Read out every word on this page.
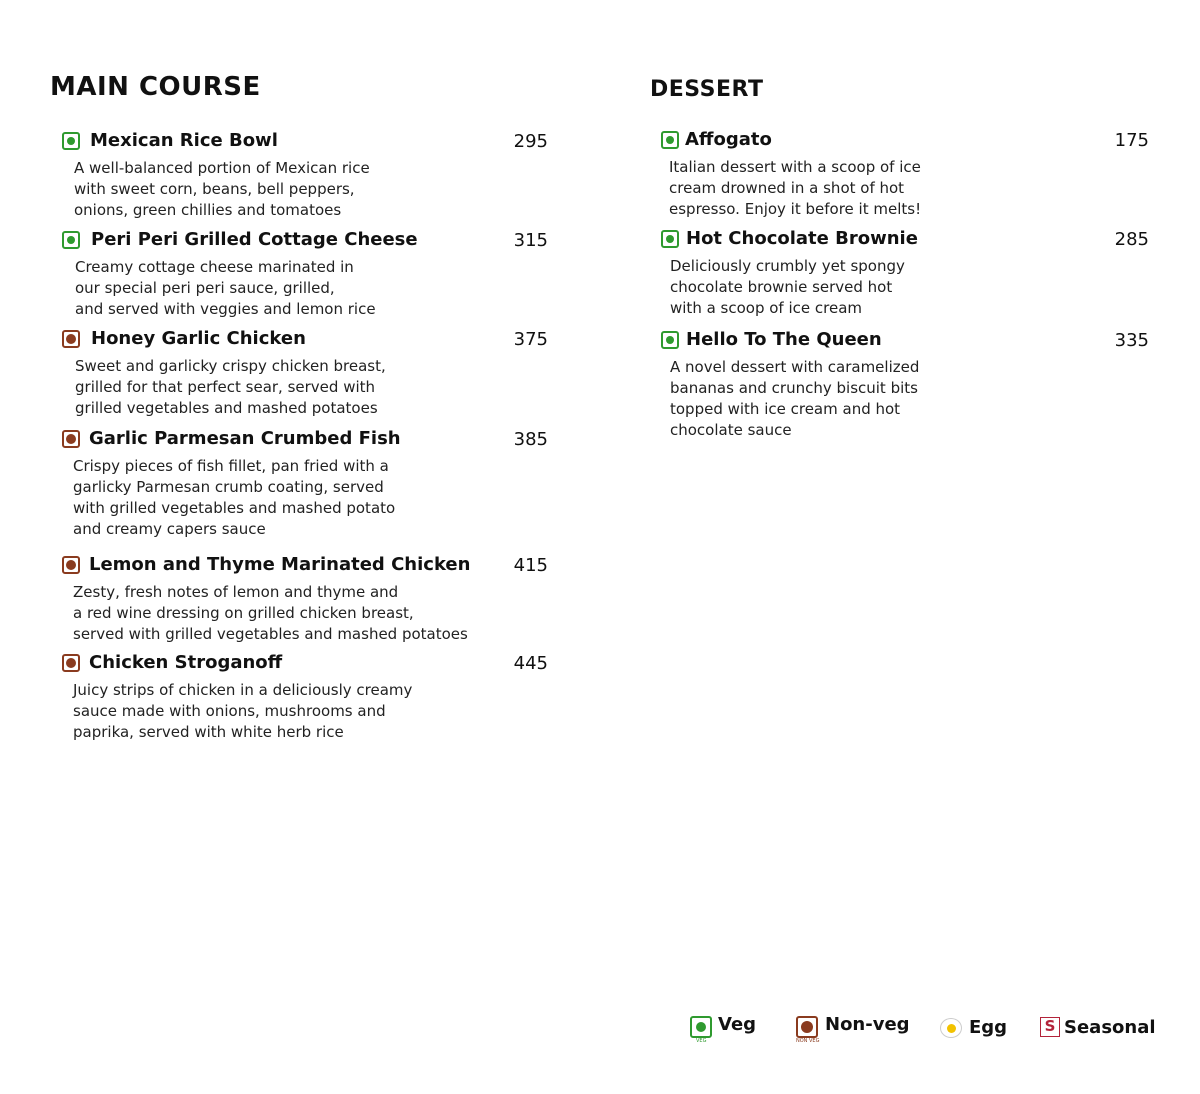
MAIN COURSE
Mexican Rice Bowl	295

A well-balanced portion of Mexican rice
with sweet corn, beans, bell peppers,
onions, green chillies and tomatoes

Peri Peri Grilled Cottage Cheese	315

Creamy cottage cheese marinated in
our special peri peri sauce, grilled,
and served with veggies and lemon rice

Honey Garlic Chicken	375

Sweet and garlicky crispy chicken breast,
grilled for that perfect sear, served with
grilled vegetables and mashed potatoes

Garlic Parmesan Crumbed Fish	385

Crispy pieces of fish fillet, pan fried with a
garlicky Parmesan crumb coating, served
with grilled vegetables and mashed potato
and creamy capers sauce

Lemon and Thyme Marinated Chicken 415

Zesty, fresh notes of lemon and thyme and
a red wine dressing on grilled chicken breast,
served with grilled vegetables and mashed potatoes

Chicken Stroganoff	445

Juicy strips of chicken in a deliciously creamy
sauce made with onions, mushrooms and
paprika, served with white herb rice

DESSERT
Affogato	175

Italian dessert with a scoop of ice
cream drowned in a shot of hot
espresso. Enjoy it before it melts!

Hot Chocolate Brownie	285

Deliciously crumbly yet spongy
chocolate brownie served hot
with a scoop of ice cream

Hello To The Queen	335

A novel dessert with caramelized
bananas and crunchy biscuit bits
topped with ice cream and hot
chocolate sauce

Veg
VEG
Non-veg
NON VEG
Egg	S Seasonal
